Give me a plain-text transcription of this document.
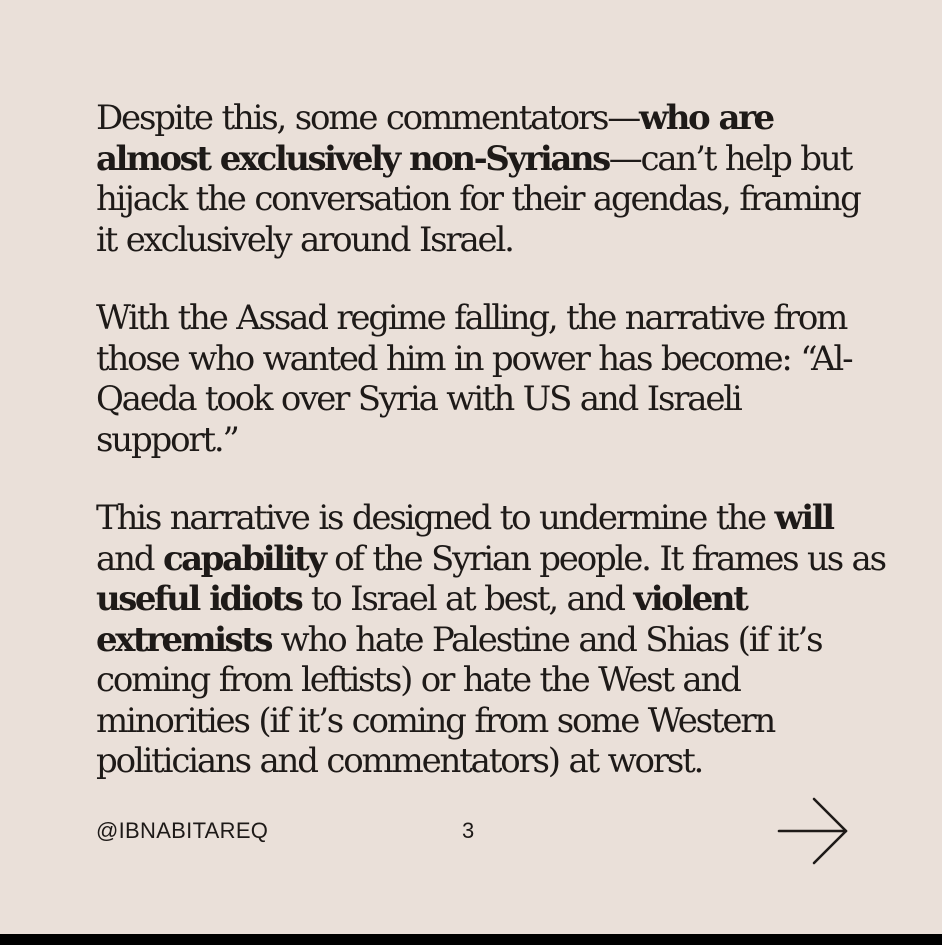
Despite this, some commentators—who are almost exclusively non-Syrians—can’t help but hijack the conversation for their agendas, framing it exclusively around Israel.

With the Assad regime falling, the narrative from those who wanted him in power has become: “Al-Qaeda took over Syria with US and Israeli support.”

This narrative is designed to undermine the will and capability of the Syrian people. It frames us as useful idiots to Israel at best, and violent extremists who hate Palestine and Shias (if it’s coming from leftists) or hate the West and minorities (if it’s coming from some Western politicians and commentators) at worst.

@IBNABITAREQ	3
